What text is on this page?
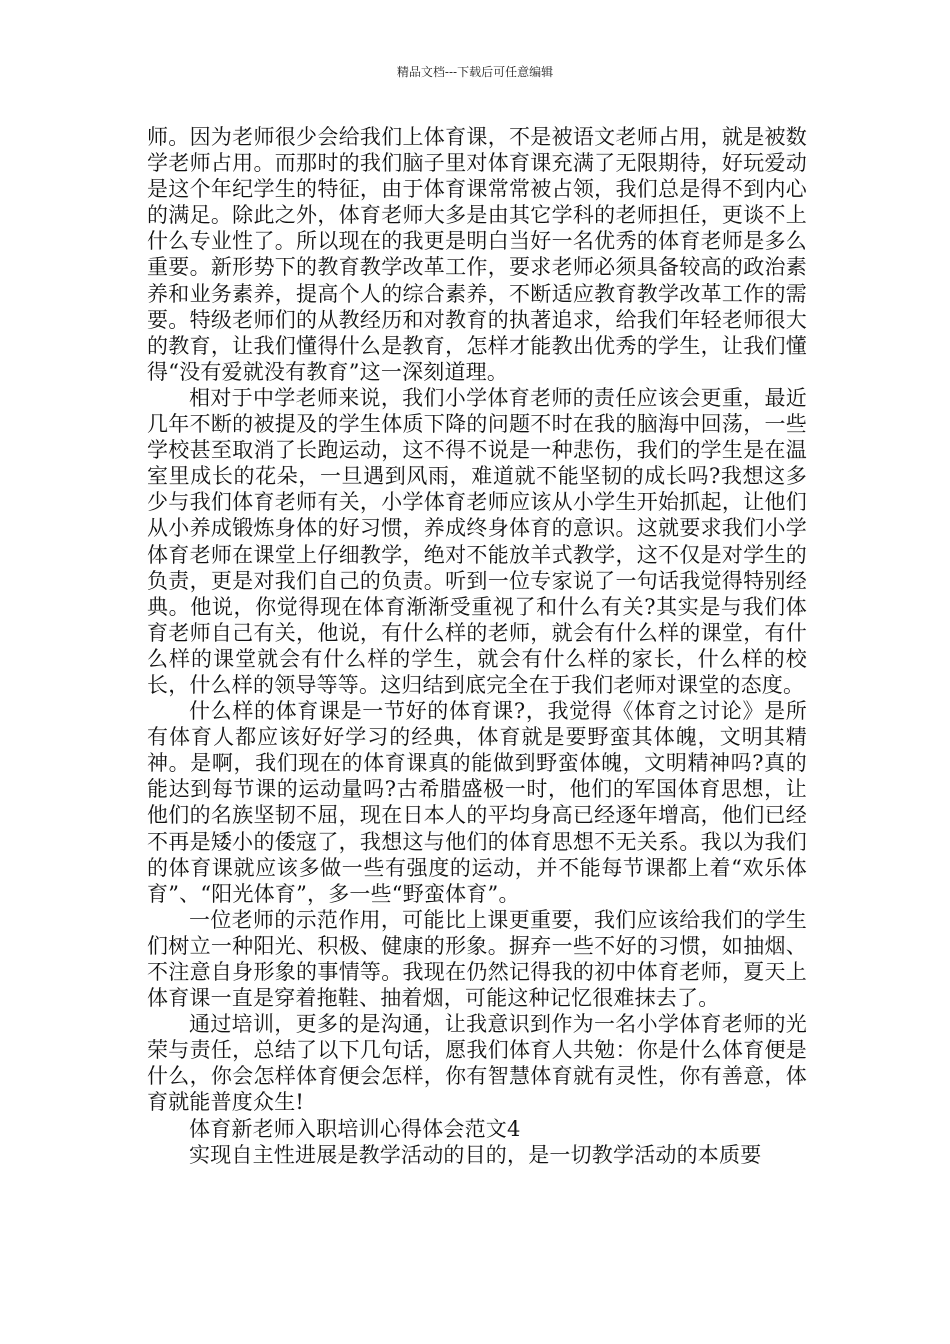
精品文档---下载后可任意编辑

师。因为老师很少会给我们上体育课，不是被语文老师占用，就是被数学老师占用。而那时的我们脑子里对体育课充满了无限期待，好玩爱动是这个年纪学生的特征，由于体育课常常被占领，我们总是得不到内心的满足。除此之外，体育老师大多是由其它学科的老师担任，更谈不上什么专业性了。所以现在的我更是明白当好一名优秀的体育老师是多么重要。新形势下的教育教学改革工作，要求老师必须具备较高的政治素养和业务素养，提高个人的综合素养，不断适应教育教学改革工作的需要。特级老师们的从教经历和对教育的执著追求，给我们年轻老师很大的教育，让我们懂得什么是教育，怎样才能教出优秀的学生，让我们懂得“没有爱就没有教育”这一深刻道理。

相对于中学老师来说，我们小学体育老师的责任应该会更重，最近几年不断的被提及的学生体质下降的问题不时在我的脑海中回荡，一些学校甚至取消了长跑运动，这不得不说是一种悲伤，我们的学生是在温室里成长的花朵，一旦遇到风雨，难道就不能坚韧的成长吗?我想这多少与我们体育老师有关，小学体育老师应该从小学生开始抓起，让他们从小养成锻炼身体的好习惯，养成终身体育的意识。这就要求我们小学体育老师在课堂上仔细教学，绝对不能放羊式教学，这不仅是对学生的负责，更是对我们自己的负责。听到一位专家说了一句话我觉得特别经典。他说，你觉得现在体育渐渐受重视了和什么有关?其实是与我们体育老师自己有关，他说，有什么样的老师，就会有什么样的课堂，有什么样的课堂就会有什么样的学生，就会有什么样的家长，什么样的校长，什么样的领导等等。这归结到底完全在于我们老师对课堂的态度。

什么样的体育课是一节好的体育课?，我觉得《体育之讨论》是所有体育人都应该好好学习的经典，体育就是要野蛮其体魄，文明其精神。是啊，我们现在的体育课真的能做到野蛮体魄，文明精神吗?真的能达到每节课的运动量吗?古希腊盛极一时，他们的军国体育思想，让他们的名族坚韧不屈，现在日本人的平均身高已经逐年增高，他们已经不再是矮小的倭寇了，我想这与他们的体育思想不无关系。我以为我们的体育课就应该多做一些有强度的运动，并不能每节课都上着“欢乐体育”、“阳光体育”，多一些“野蛮体育”。

一位老师的示范作用，可能比上课更重要，我们应该给我们的学生们树立一种阳光、积极、健康的形象。摒弃一些不好的习惯，如抽烟、不注意自身形象的事情等。我现在仍然记得我的初中体育老师，夏天上体育课一直是穿着拖鞋、抽着烟，可能这种记忆很难抹去了。

通过培训，更多的是沟通，让我意识到作为一名小学体育老师的光荣与责任，总结了以下几句话，愿我们体育人共勉：你是什么体育便是什么，你会怎样体育便会怎样，你有智慧体育就有灵性，你有善意，体育就能普度众生!

体育新老师入职培训心得体会范文4

实现自主性进展是教学活动的目的，是一切教学活动的本质要
